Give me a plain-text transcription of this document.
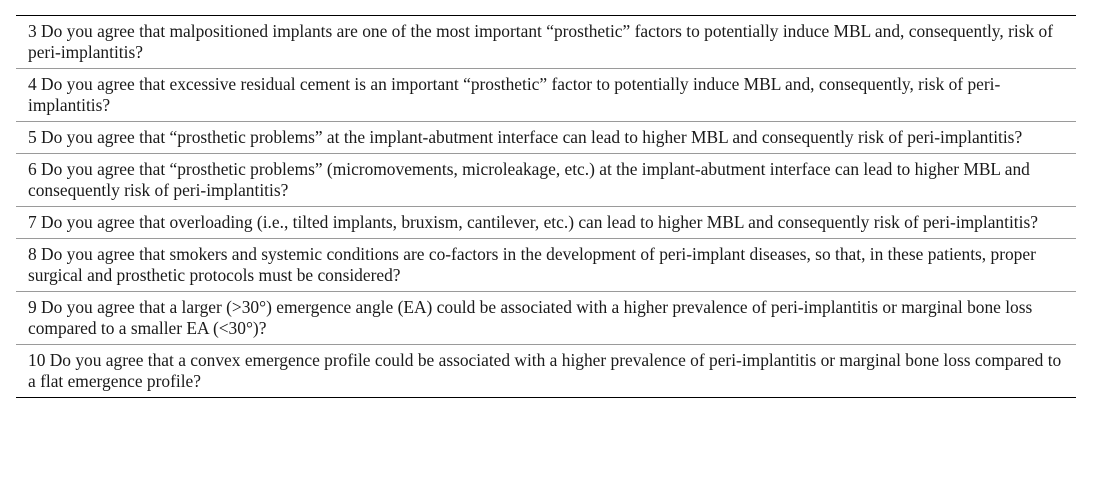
3 Do you agree that malpositioned implants are one of the most important “prosthetic” factors to potentially induce MBL and, consequently, risk of peri-implantitis?
4 Do you agree that excessive residual cement is an important “prosthetic” factor to potentially induce MBL and, consequently, risk of peri-implantitis?
5 Do you agree that “prosthetic problems” at the implant-abutment interface can lead to higher MBL and consequently risk of peri-implantitis?
6 Do you agree that “prosthetic problems” (micromovements, microleakage, etc.) at the implant-abutment interface can lead to higher MBL and consequently risk of peri-implantitis?
7 Do you agree that overloading (i.e., tilted implants, bruxism, cantilever, etc.) can lead to higher MBL and consequently risk of peri-implantitis?
8 Do you agree that smokers and systemic conditions are co-factors in the development of peri-implant diseases, so that, in these patients, proper surgical and prosthetic protocols must be considered?
9 Do you agree that a larger (>30°) emergence angle (EA) could be associated with a higher prevalence of peri-implantitis or marginal bone loss compared to a smaller EA (<30°)?
10 Do you agree that a convex emergence profile could be associated with a higher prevalence of peri-implantitis or marginal bone loss compared to a flat emergence profile?
